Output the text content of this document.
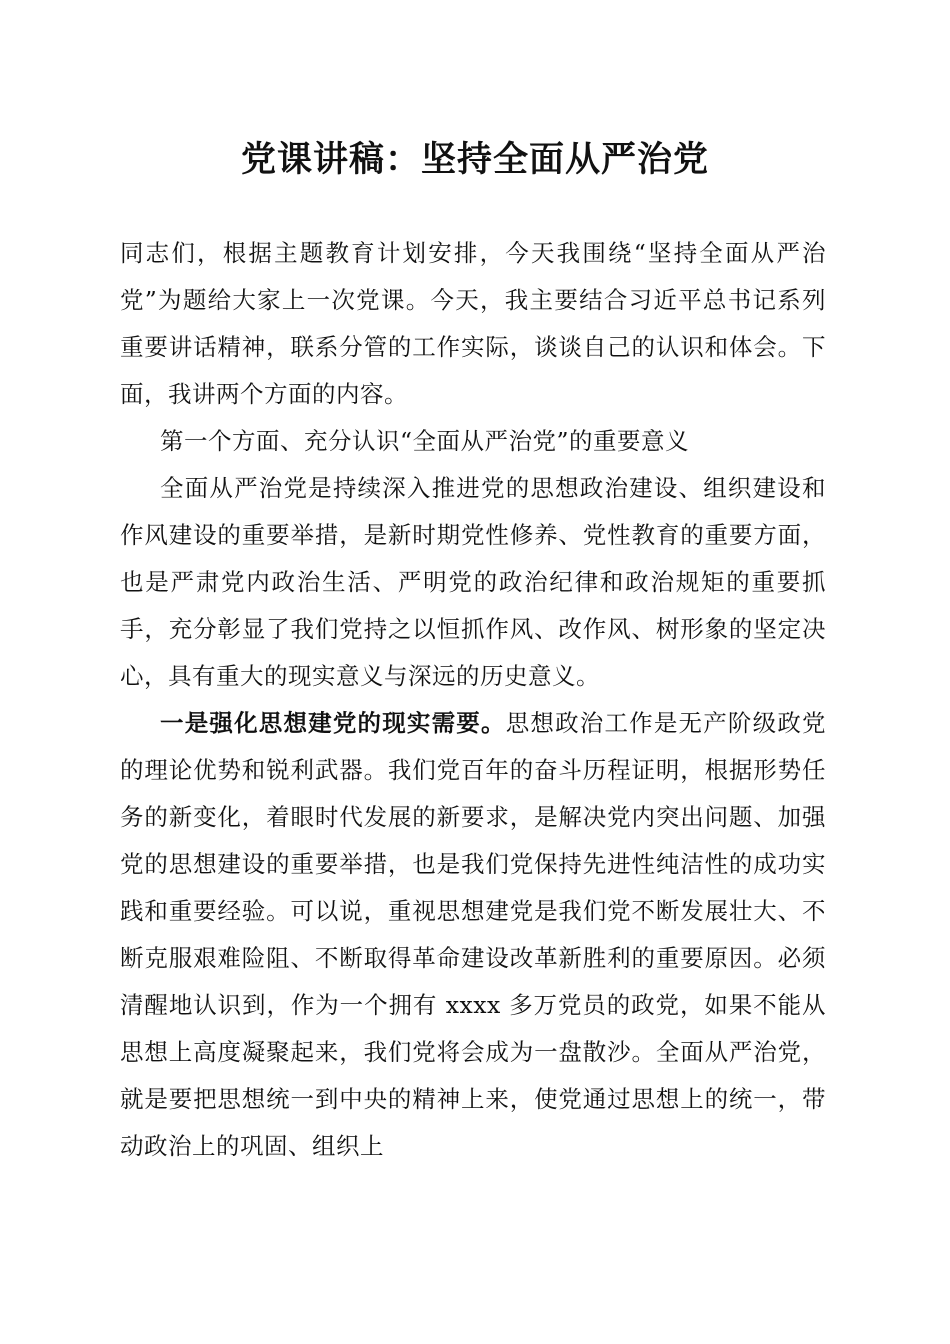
党课讲稿：坚持全面从严治党

同志们，根据主题教育计划安排，今天我围绕“坚持全面从严治党”为题给大家上一次党课。今天，我主要结合习近平总书记系列重要讲话精神，联系分管的工作实际，谈谈自己的认识和体会。下面，我讲两个方面的内容。

第一个方面、充分认识“全面从严治党”的重要意义

全面从严治党是持续深入推进党的思想政治建设、组织建设和作风建设的重要举措，是新时期党性修养、党性教育的重要方面，也是严肃党内政治生活、严明党的政治纪律和政治规矩的重要抓手，充分彰显了我们党持之以恒抓作风、改作风、树形象的坚定决心，具有重大的现实意义与深远的历史意义。

一是强化思想建党的现实需要。思想政治工作是无产阶级政党的理论优势和锐利武器。我们党百年的奋斗历程证明，根据形势任务的新变化，着眼时代发展的新要求，是解决党内突出问题、加强党的思想建设的重要举措，也是我们党保持先进性纯洁性的成功实践和重要经验。可以说，重视思想建党是我们党不断发展壮大、不断克服艰难险阻、不断取得革命建设改革新胜利的重要原因。必须清醒地认识到，作为一个拥有 xxxx 多万党员的政党，如果不能从思想上高度凝聚起来，我们党将会成为一盘散沙。全面从严治党，就是要把思想统一到中央的精神上来，使党通过思想上的统一，带动政治上的巩固、组织上
